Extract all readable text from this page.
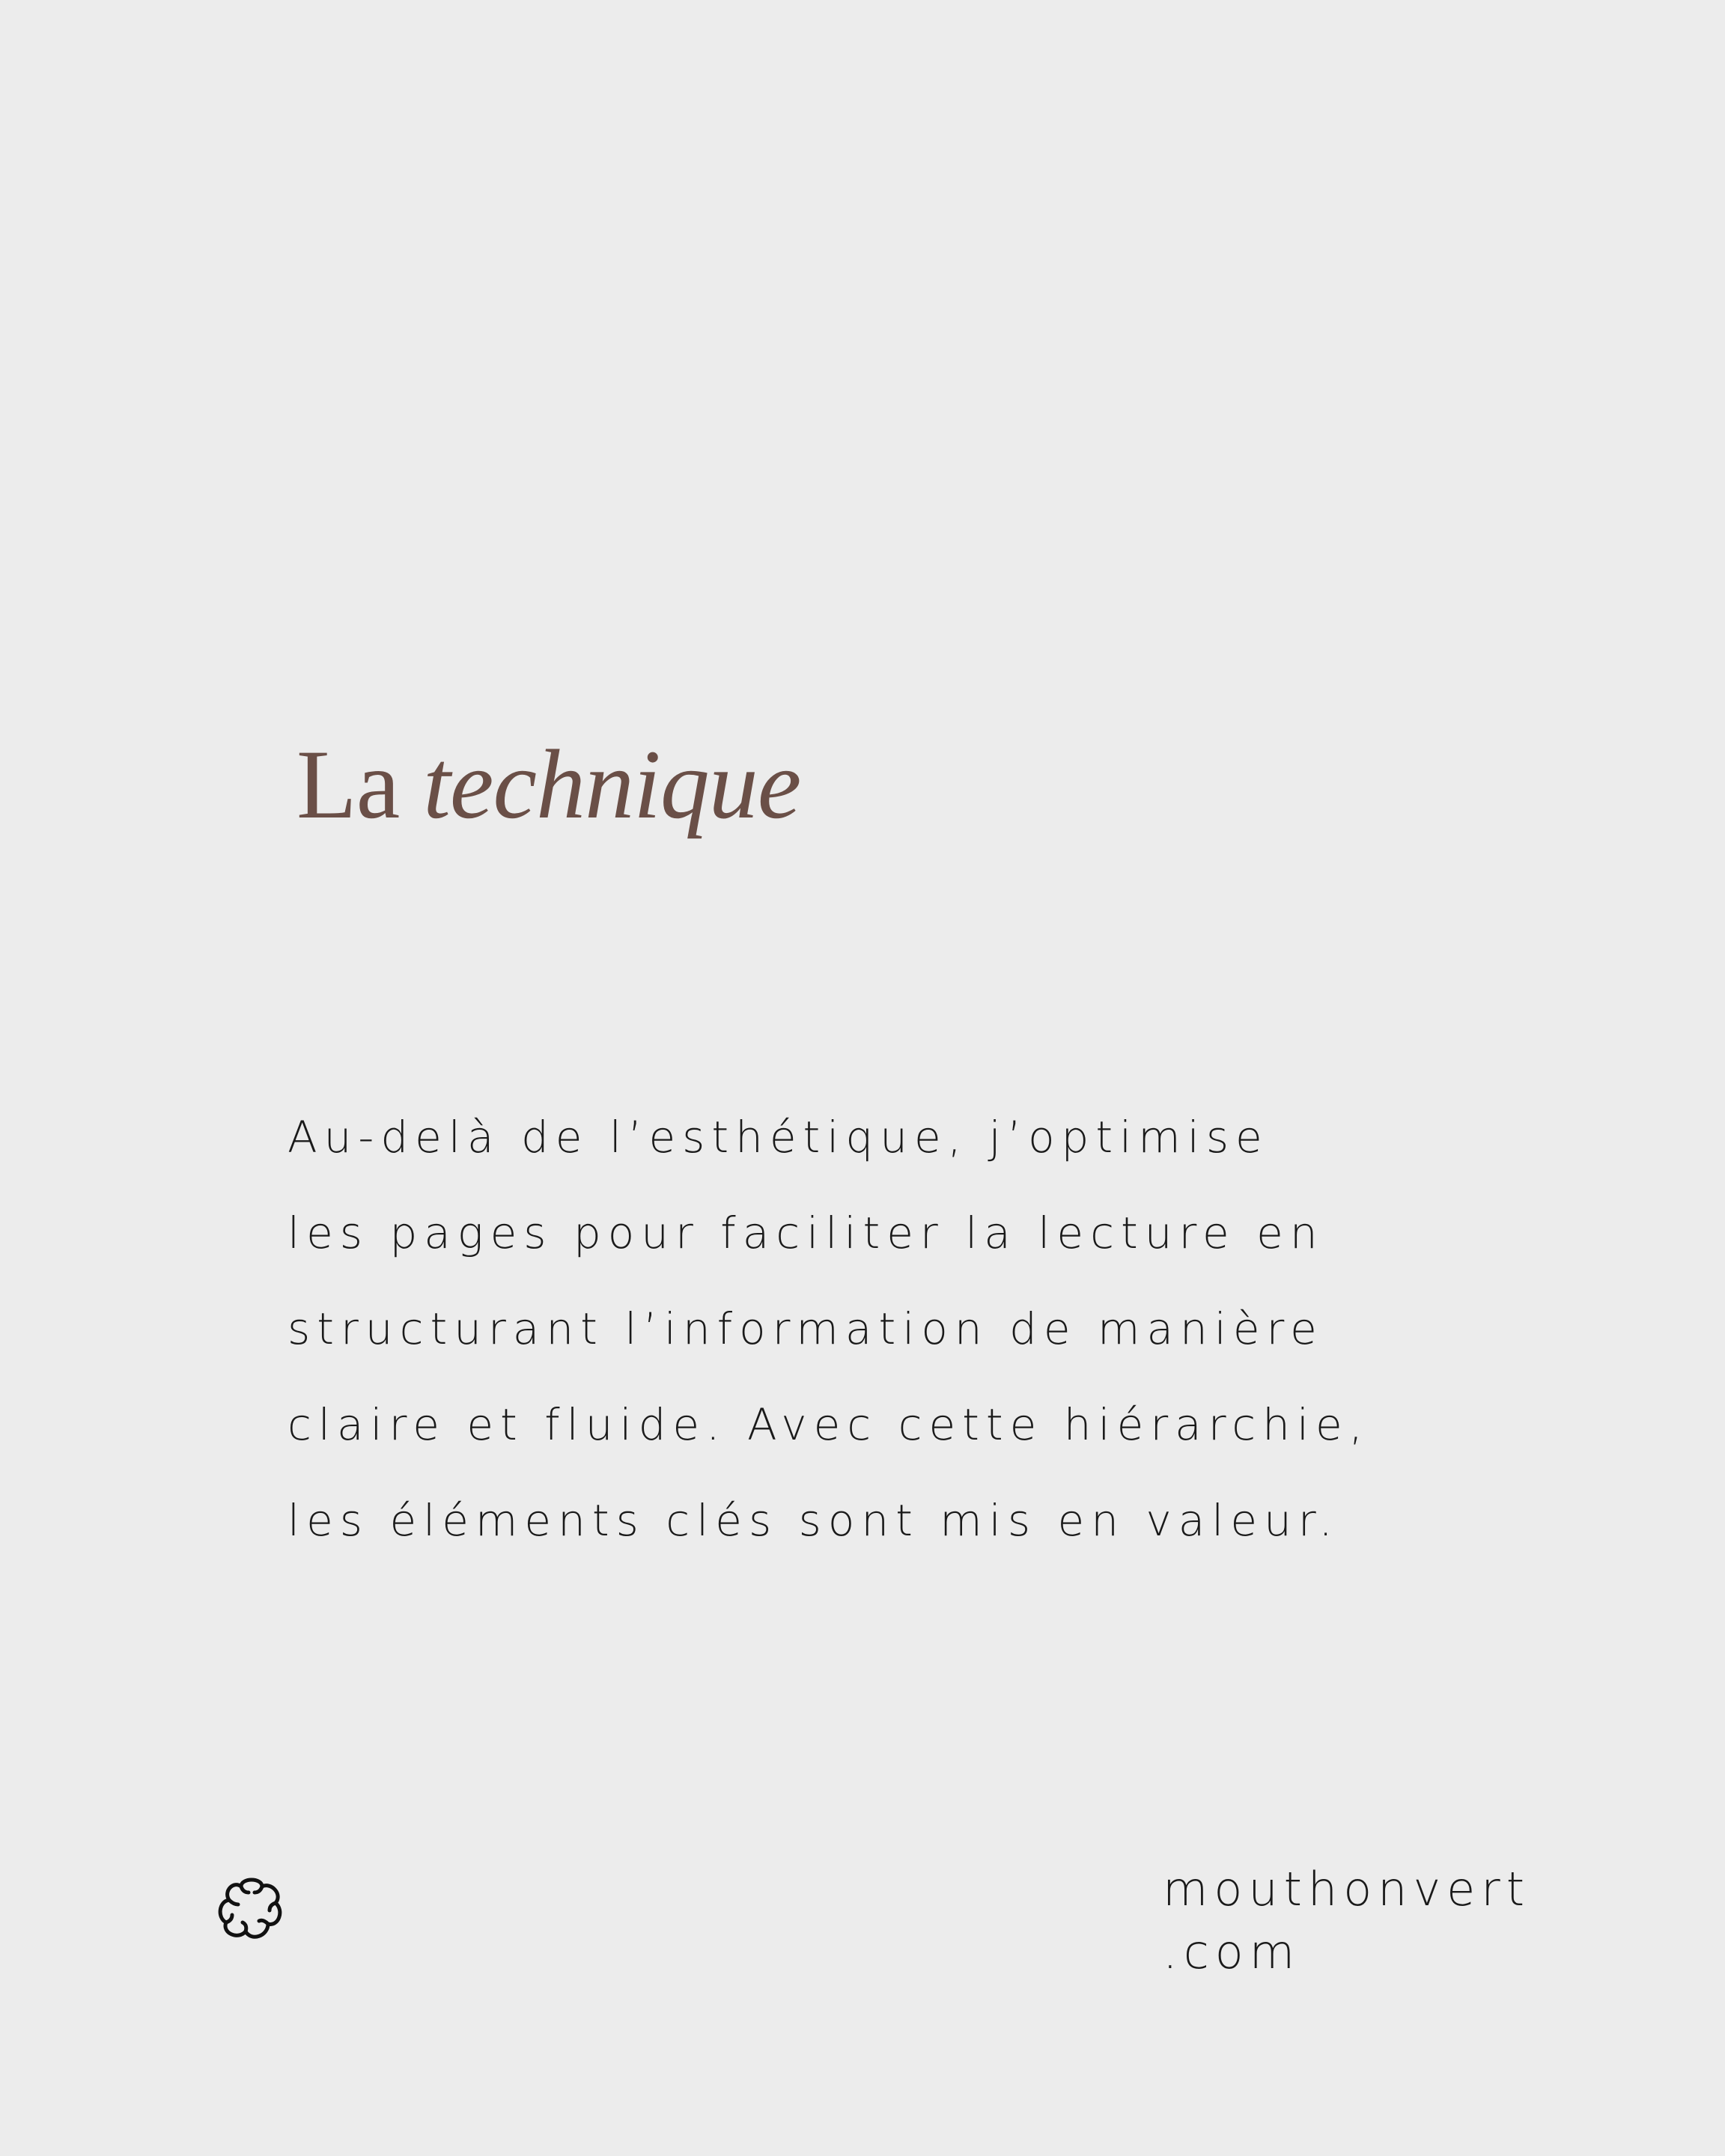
La technique

Au-delà de l’esthétique, j’optimise
les pages pour faciliter la lecture en
structurant l’information de manière
claire et fluide. Avec cette hiérarchie,
les éléments clés sont mis en valeur.

mouthonvert
.com
